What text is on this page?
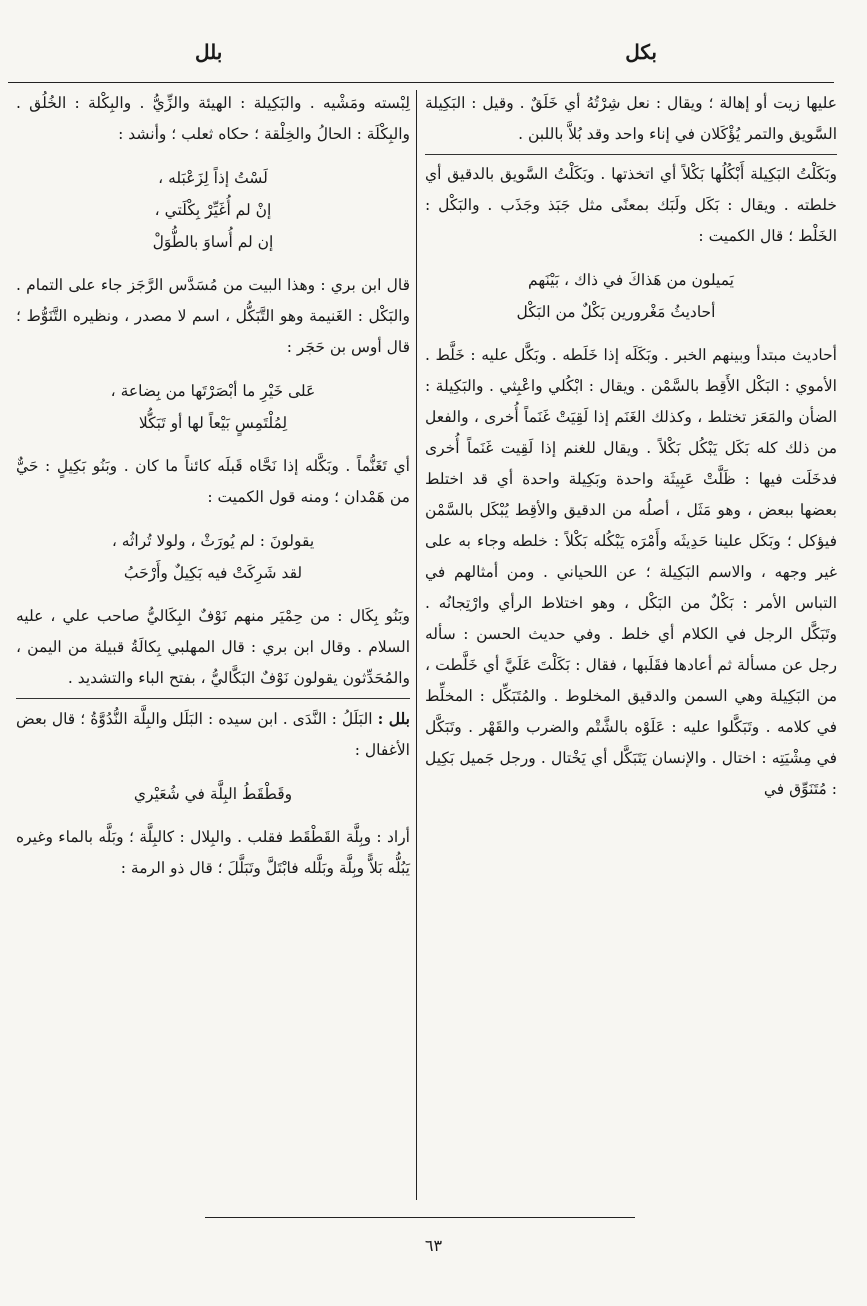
بكل
بلل

عليها زيت أو إهالة ؛ ويقال : نعل شِرْتُهُ أي خَلَقٌ . وقيل : البَكِيلة السَّويق والتمر يُؤْكَلان في إناء واحد وقد بُلاَّ باللبن .

وبَكَلْتُ البَكِيلة أَبْكُلُها بَكْلاً أي اتخذتها . وبَكَلْتُ السَّويق بالدقيق أي خلطته . ويقال : بَكَل ولَبَك بمعنًى مثل جَبَذ وجَذَب . والبَكْل : الخَلْط ؛ قال الكميت :

يَميلون من هَذاكَ في ذاك ، بَيْنَهم
أحاديثُ مَغْرورين بَكْلٌ من البَكْل

أحاديث مبتدأ وبينهم الخبر . وبَكَلَه إذا خَلَطه . وبَكَّل عليه : خَلَّط . الأموي : البَكْل الأَقِط بالسَّمْن . ويقال : ابْكُلي واعْبِثي . والبَكِيلة : الضأن والمَعَز تختلط ، وكذلك الغَنَم إذا لَقِيَتْ غَنَماً أُخرى ، والفعل من ذلك كله بَكَل يَبْكُل بَكْلاً . ويقال للغنم إذا لَقِيت غَنَماً أُخرى فدخَلَت فيها : ظَلَّتْ عَبِيثَة واحدة وبَكِيلة واحدة أي قد اختلط بعضها ببعض ، وهو مَثَل ، أصلُه من الدقيق والأقِط يُبْكَل بالسَّمْن فيؤكل ؛ وبَكَل علينا حَدِيثَه وأَمْرَه يَبْكُله بَكْلاً : خلطه وجاء به على غير وجهه ، والاسم البَكِيلة ؛ عن اللحياني . ومن أمثالهم في التباس الأمر : بَكْلٌ من البَكْل ، وهو اختلاط الرأي وارْتِجانُه . وتَبَكَّل الرجل في الكلام أي خلط . وفي حديث الحسن : سأله رجل عن مسألة ثم أعادها فقَلَبها ، فقال : بَكَلْتَ عَلَيَّ أي خَلَّطت ، من البَكِيلة وهي السمن والدقيق المخلوط . والمُتَبَكِّل : المخلِّط في كلامه . وتَبَكَّلوا عليه : عَلَوْه بالشَّتْم والضرب والقَهْر . وتَبَكَّل في مِشْيَتِه : اختال . والإنسان يَتَبَكَّل أي يَخْتال . ورجل جَميل بَكِيل : مُتَنَوِّق في

لِبْسته ومَشْيه . والبَكِيلة : الهيئة والزِّيُّ . والبِكْلة : الخُلُق . والبِكْلَة : الحالُ والخِلْقة ؛ حكاه ثعلب ؛ وأنشد :

لَسْتُ إذاً لِزَعْبَله ،
إنْ لم أُغَيِّرْ بِكْلَتي ،
إن لم أُساوَ بالطُّوَلْ

قال ابن بري : وهذا البيت من مُسَدَّس الرَّجَز جاء على التمام . والبَكْل : الغَنيمة وهو التَّبَكُّل ، اسم لا مصدر ، ونظيره التَّنَوُّط ؛ قال أوس بن حَجَر :

عَلى خَيْرِ ما أبْصَرْتَها من بِضاعة ،
لِمُلْتَمِسٍ بَيْعاً لها أو تَبَكُّلا

أي تَغَنُّماً . وبَكَّله إذا نَحَّاه قَبلَه كائناً ما كان . وبَنُو بَكِيلٍ : حَيٌّ من هَمْدان ؛ ومنه قول الكميت :

يقولونَ : لم يُورَثْ ، ولولا تُراثُه ،
لقد شَرِكَتْ فيه بَكِيلٌ وأَرْحَبُ

وبَنُو بِكَال : من حِمْيَر منهم نَوْفٌ البِكَاليُّ صاحب علي ، عليه السلام . وقال ابن بري : قال المهلبي بِكالَةُ قبيلة من اليمن ، والمُحَدِّثون يقولون نَوْفٌ البَكَّاليُّ ، بفتح الباء والتشديد .

بلل : البَلَلُ : النَّدَى . ابن سيده : البَلَل والبِلَّة النُّدُوَّةُ ؛ قال بعض الأغفال :

وقَطْقَطُ البِلَّة في شُعَيْري

أراد : وبِلَّة القَطْقَط فقلب . والبِلال : كالبِلَّة ؛ وبَلَّه بالماء وغيره يَبُلُّه بَلاًّ وبِلَّة وبَلَّله فابْتَلَّ وتَبَلَّلَ ؛ قال ذو الرمة :

٦٣
